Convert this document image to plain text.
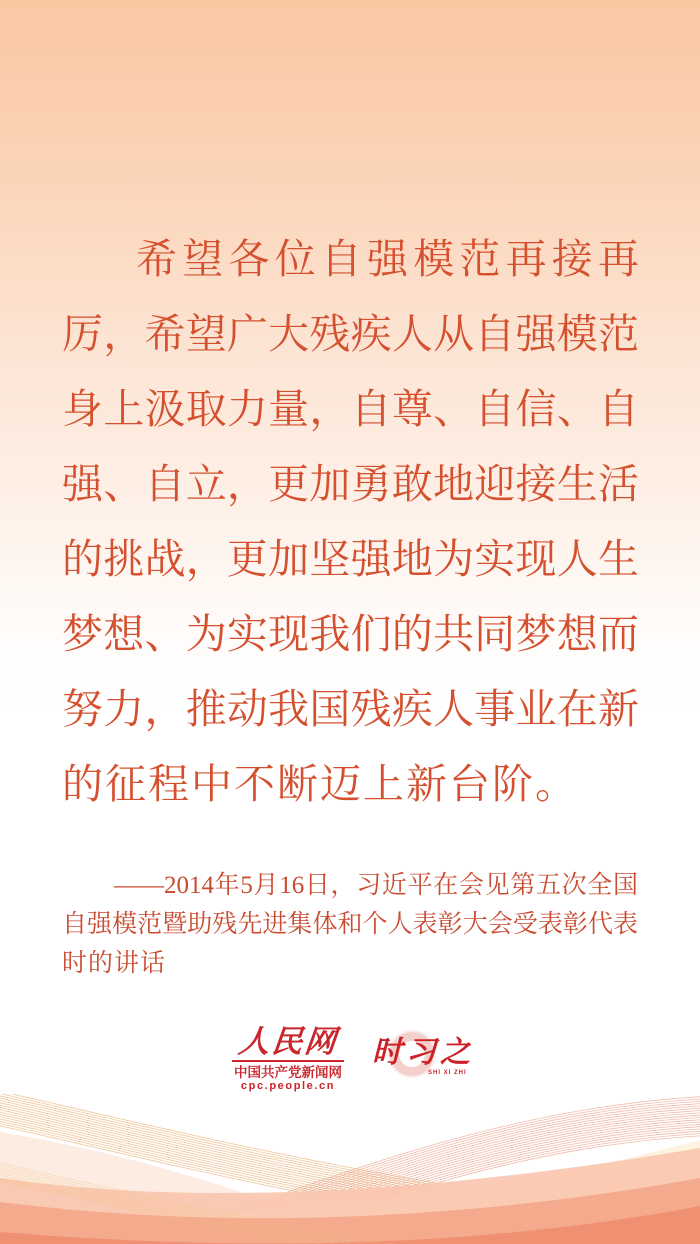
希望各位自强模范再接再
厉，希望广大残疾人从自强模范
身上汲取力量，自尊、自信、自
强、自立，更加勇敢地迎接生活
的挑战，更加坚强地为实现人生
梦想、为实现我们的共同梦想而
努力，推动我国残疾人事业在新
的征程中不断迈上新台阶。
——2014年5月16日，习近平在会见第五次全国
自强模范暨助残先进集体和个人表彰大会受表彰代表
时的讲话
人民网
中国共产党新闻网
cpc.people.cn
时习之
SHI XI ZHI
